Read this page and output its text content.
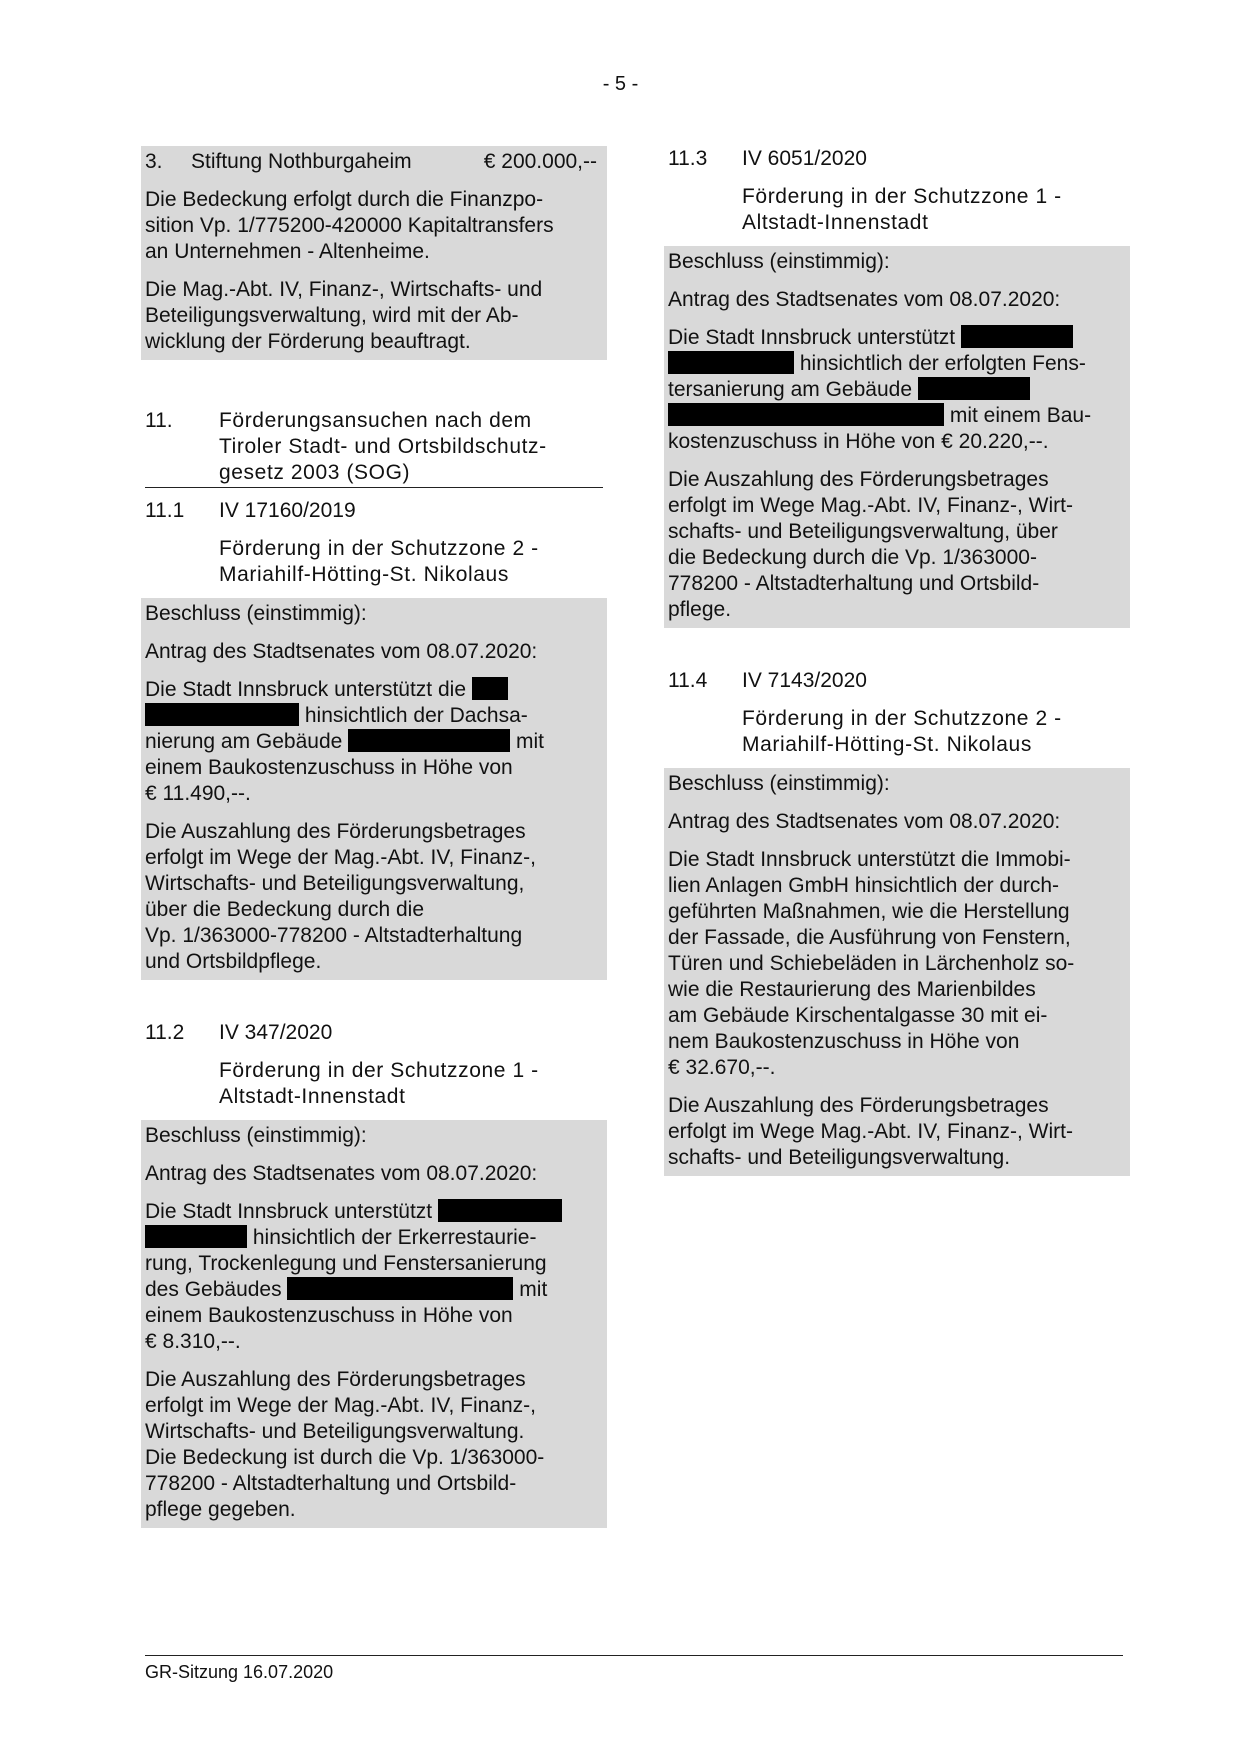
- 5 -
3. Stiftung Nothburgaheim	€ 200.000,--
Die Bedeckung erfolgt durch die Finanzpo-
sition Vp. 1/775200-420000 Kapitaltransfers
an Unternehmen - Altenheime.
Die Mag.-Abt. IV, Finanz-, Wirtschafts- und
Beteiligungsverwaltung, wird mit der Ab-
wicklung der Förderung beauftragt.
11.	Förderungsansuchen nach dem
Tiroler Stadt- und Ortsbildschutz-
gesetz 2003 (SOG)
11.1	IV 17160/2019
Förderung in der Schutzzone 2 -
Mariahilf-Hötting-St. Nikolaus
Beschluss (einstimmig):
Antrag des Stadtsenates vom 08.07.2020:
Die Stadt Innsbruck unterstützt die
hinsichtlich der Dachsa-
nierung am Gebäude	mit
einem Baukostenzuschuss in Höhe von
€ 11.490,--.
Die Auszahlung des Förderungsbetrages
erfolgt im Wege der Mag.-Abt. IV, Finanz-,
Wirtschafts- und Beteiligungsverwaltung,
über die Bedeckung durch die
Vp. 1/363000-778200 - Altstadterhaltung
und Ortsbildpflege.
11.2	IV 347/2020
Förderung in der Schutzzone 1 -
Altstadt-Innenstadt
Beschluss (einstimmig):
Antrag des Stadtsenates vom 08.07.2020:
Die Stadt Innsbruck unterstützt
hinsichtlich der Erkerrestaurie-
rung, Trockenlegung und Fenstersanierung
des Gebäudes	mit
einem Baukostenzuschuss in Höhe von
€ 8.310,--.
Die Auszahlung des Förderungsbetrages
erfolgt im Wege der Mag.-Abt. IV, Finanz-,
Wirtschafts- und Beteiligungsverwaltung.
Die Bedeckung ist durch die Vp. 1/363000-
778200 - Altstadterhaltung und Ortsbild-
pflege gegeben.
11.3	IV 6051/2020
Förderung in der Schutzzone 1 -
Altstadt-Innenstadt
Beschluss (einstimmig):
Antrag des Stadtsenates vom 08.07.2020:
Die Stadt Innsbruck unterstützt
hinsichtlich der erfolgten Fens-
tersanierung am Gebäude
mit einem Bau-
kostenzuschuss in Höhe von € 20.220,--.
Die Auszahlung des Förderungsbetrages
erfolgt im Wege Mag.-Abt. IV, Finanz-, Wirt-
schafts- und Beteiligungsverwaltung, über
die Bedeckung durch die Vp. 1/363000-
778200 - Altstadterhaltung und Ortsbild-
pflege.
11.4	IV 7143/2020
Förderung in der Schutzzone 2 -
Mariahilf-Hötting-St. Nikolaus
Beschluss (einstimmig):
Antrag des Stadtsenates vom 08.07.2020:
Die Stadt Innsbruck unterstützt die Immobi-
lien Anlagen GmbH hinsichtlich der durch-
geführten Maßnahmen, wie die Herstellung
der Fassade, die Ausführung von Fenstern,
Türen und Schiebeläden in Lärchenholz so-
wie die Restaurierung des Marienbildes
am Gebäude Kirschentalgasse 30 mit ei-
nem Baukostenzuschuss in Höhe von
€ 32.670,--.
Die Auszahlung des Förderungsbetrages
erfolgt im Wege Mag.-Abt. IV, Finanz-, Wirt-
schafts- und Beteiligungsverwaltung.
GR-Sitzung 16.07.2020
